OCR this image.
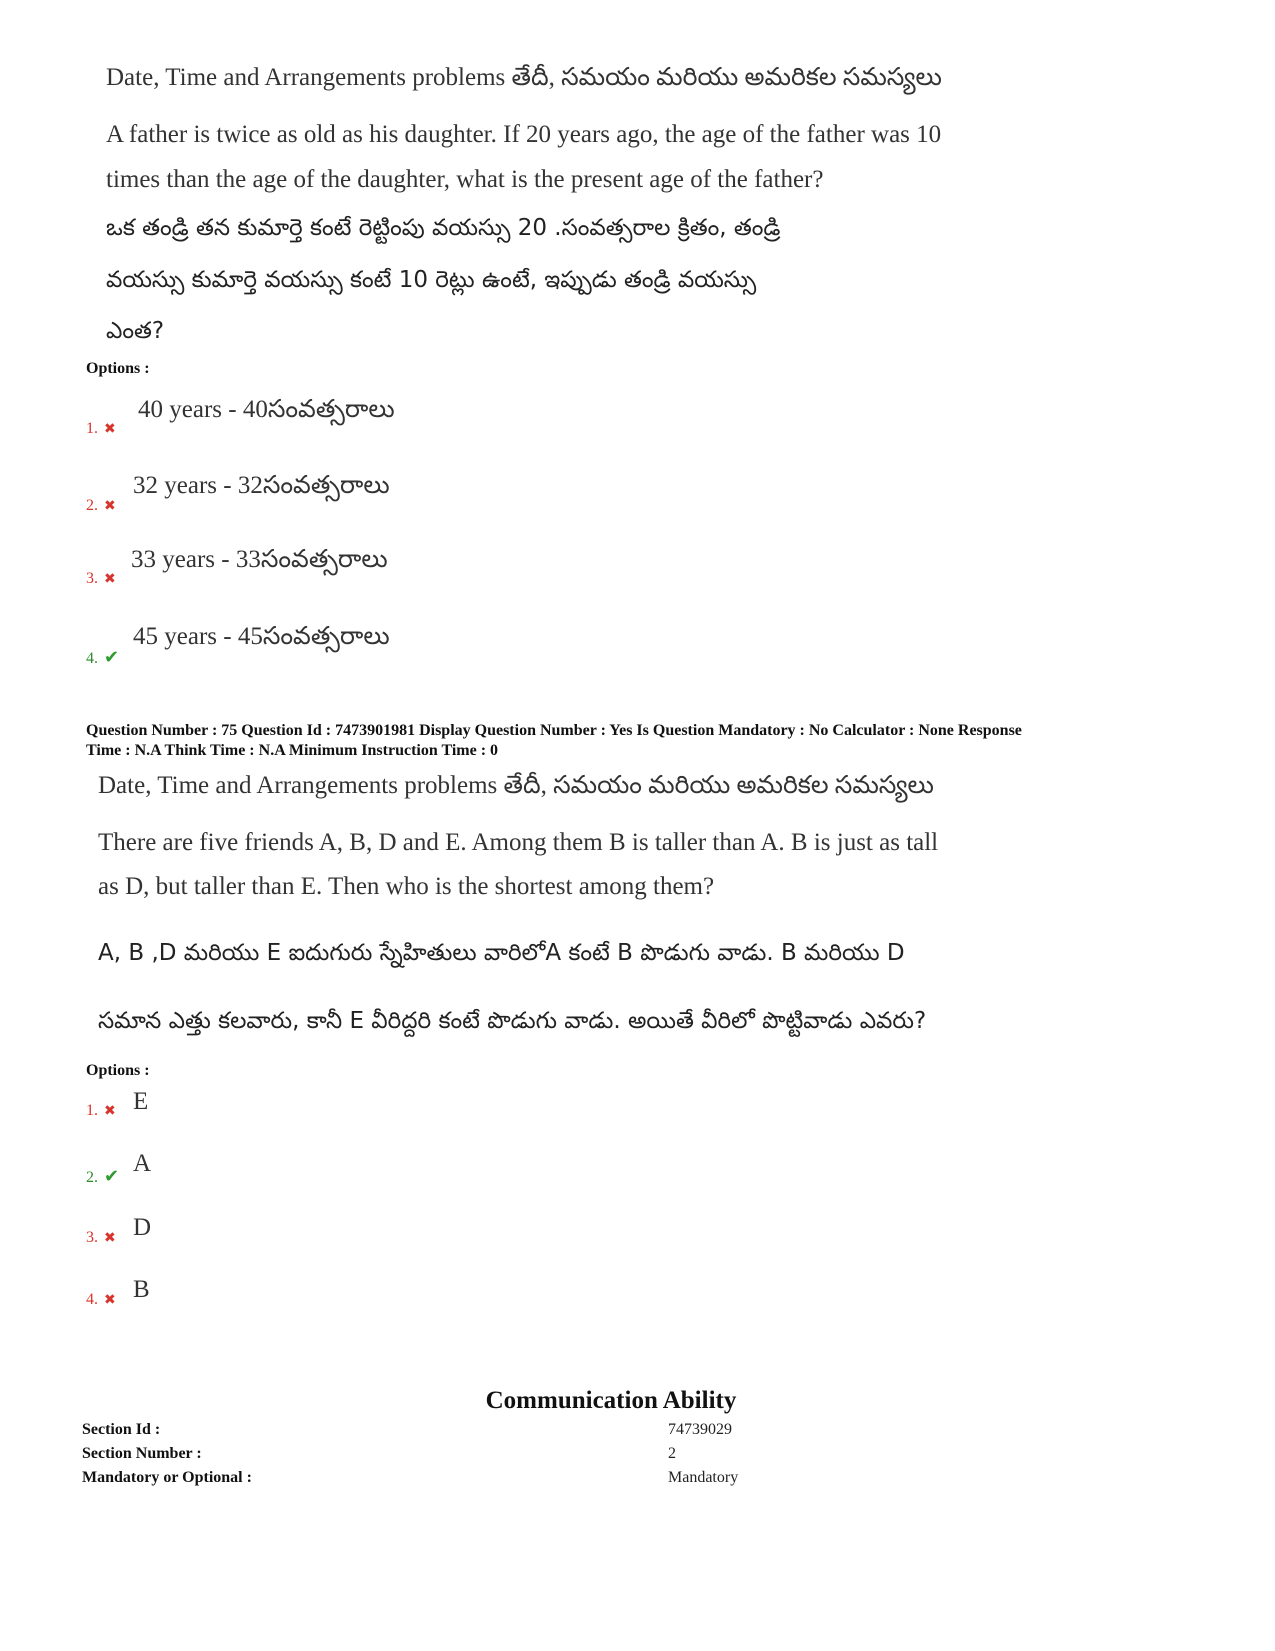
Date, Time and Arrangements problems తేదీ, సమయం మరియు అమరికల సమస్యలు
A father is twice as old as his daughter. If 20 years ago, the age of the father was 10
times than the age of the daughter, what is the present age of the father?
ఒక తండ్రి తన కుమార్తె కంటే రెట్టింపు వయస్సు 20 .సంవత్సరాల క్రితం, తండ్రి
వయస్సు కుమార్తె వయస్సు కంటే 10 రెట్లు ఉంటే, ఇప్పుడు తండ్రి వయస్సు
ఎంత?
Options :
1. ✖
40 years - 40సంవత్సరాలు
2. ✖
32 years - 32సంవత్సరాలు
3. ✖
33 years - 33సంవత్సరాలు
4. ✔
45 years - 45సంవత్సరాలు
Question Number : 75 Question Id : 7473901981 Display Question Number : Yes Is Question Mandatory : No Calculator : None Response
Time : N.A Think Time : N.A Minimum Instruction Time : 0
Date, Time and Arrangements problems తేదీ, సమయం మరియు అమరికల సమస్యలు
There are five friends A, B, D and E. Among them B is taller than A. B is just as tall
as D, but taller than E. Then who is the shortest among them?
A, B ,D మరియు E ఐదుగురు స్నేహితులు వారిలోA కంటే B పొడుగు వాడు. B మరియు D
సమాన ఎత్తు కలవారు, కానీ E వీరిద్దరి కంటే పొడుగు వాడు. అయితే వీరిలో పొట్టివాడు ఎవరు?
Options :
1. ✖ E
2. ✔ A
3. ✖ D
4. ✖ B
Communication Ability
Section Id :	74739029
Section Number :	2
Mandatory or Optional :	Mandatory
